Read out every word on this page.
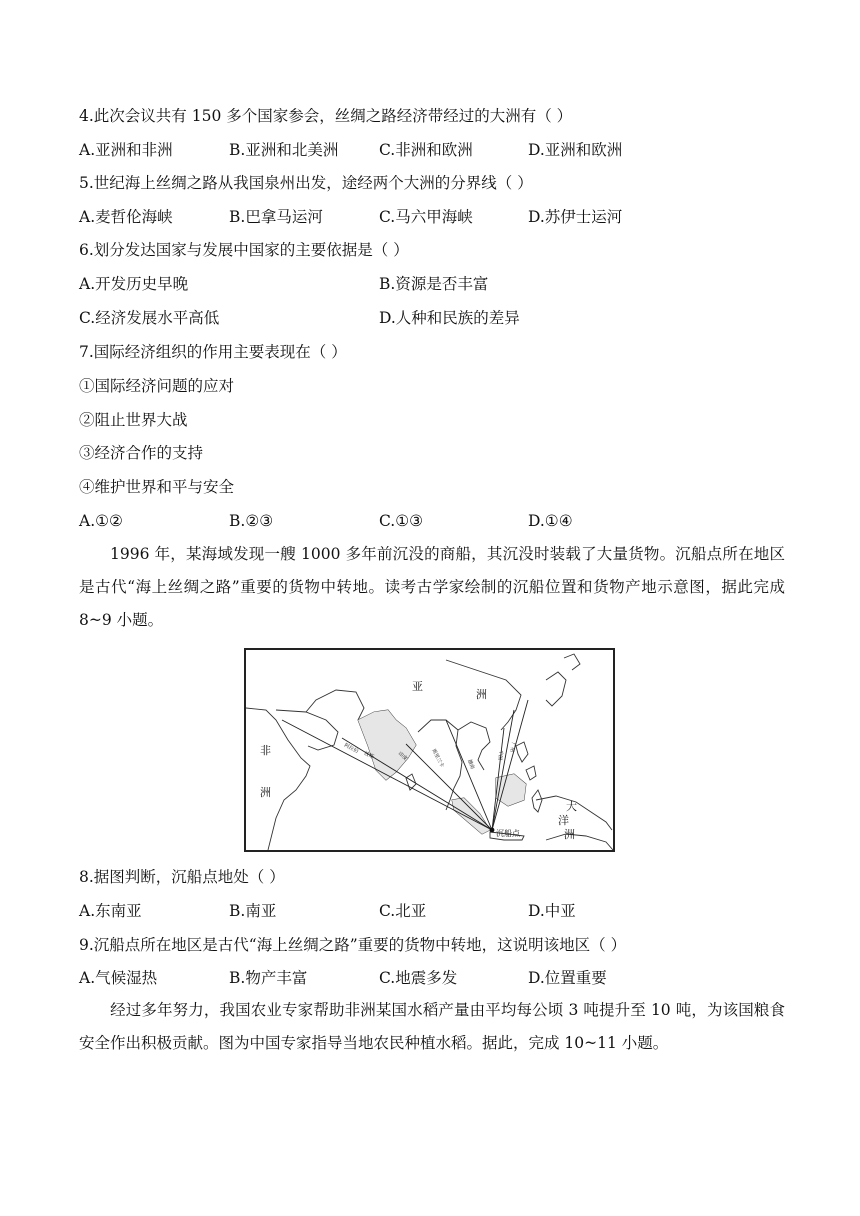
4.此次会议共有 150 多个国家参会，丝绸之路经济带经过的大洲有（ ）
A.亚洲和非洲	B.亚洲和北美洲	C.非洲和欧洲	D.亚洲和欧洲
5.世纪海上丝绸之路从我国泉州出发，途经两个大洲的分界线（ ）
A.麦哲伦海峡	B.巴拿马运河	C.马六甲海峡	D.苏伊士运河
6.划分发达国家与发展中国家的主要依据是（ ）
A.开发历史早晚	B.资源是否丰富
C.经济发展水平高低	D.人种和民族的差异
7.国际经济组织的作用主要表现在（ ）
①国际经济问题的应对
②阻止世界大战
③经济合作的支持
④维护世界和平与安全
A.①②	B.②③	C.①③	D.①④
1996 年，某海域发现一艘 1000 多年前沉没的商船，其沉没时装载了大量货物。沉船点所在地区是古代“海上丝绸之路”重要的货物中转地。读考古学家绘制的沉船位置和货物产地示意图，据此完成 8~9 小题。
亚
洲
非
洲
大
洋
洲
沉船点
阿拉伯
波斯	印度	斯里兰卡	越南
中国
广州
8.据图判断，沉船点地处（ ）
A.东南亚	B.南亚	C.北亚	D.中亚
9.沉船点所在地区是古代“海上丝绸之路”重要的货物中转地，这说明该地区（ ）
A.气候湿热	B.物产丰富	C.地震多发	D.位置重要
经过多年努力，我国农业专家帮助非洲某国水稻产量由平均每公顷 3 吨提升至 10 吨，为该国粮食安全作出积极贡献。图为中国专家指导当地农民种植水稻。据此，完成 10~11 小题。
